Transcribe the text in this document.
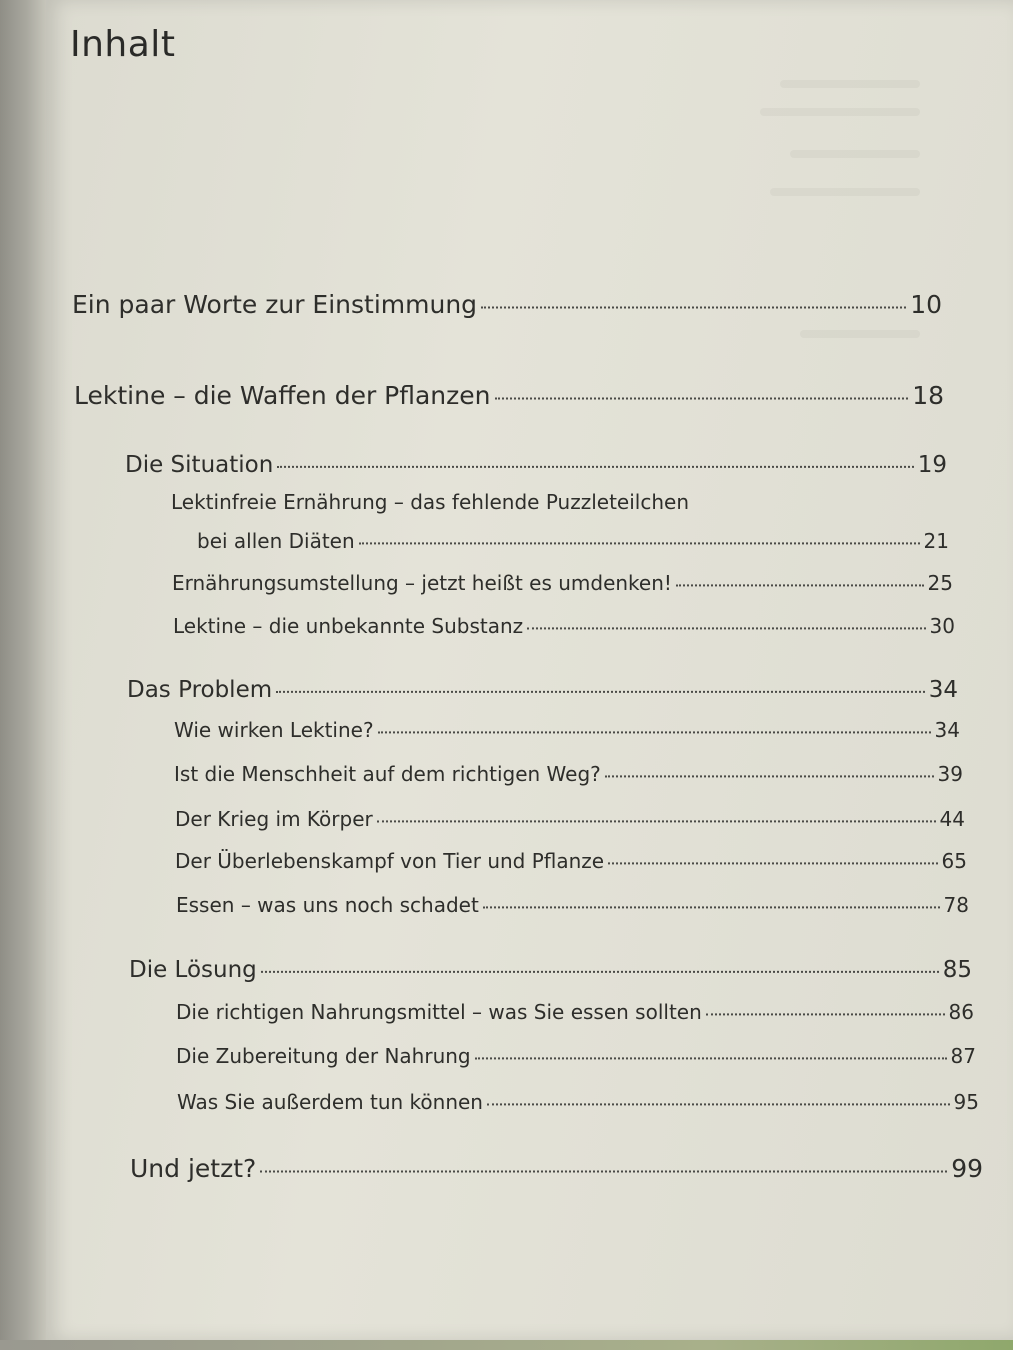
Inhalt
Ein paar Worte zur Einstimmung	10
Lektine – die Waffen der Pflanzen	18
Die Situation	19
Lektinfreie Ernährung – das fehlende Puzzleteilchen
bei allen Diäten	21
Ernährungsumstellung – jetzt heißt es umdenken!	25
Lektine – die unbekannte Substanz	30
Das Problem	34
Wie wirken Lektine?	34
Ist die Menschheit auf dem richtigen Weg?	39
Der Krieg im Körper	44
Der Überlebenskampf von Tier und Pflanze	65
Essen – was uns noch schadet	78
Die Lösung	85
Die richtigen Nahrungsmittel – was Sie essen sollten	86
Die Zubereitung der Nahrung	87
Was Sie außerdem tun können	95
Und jetzt?	99
